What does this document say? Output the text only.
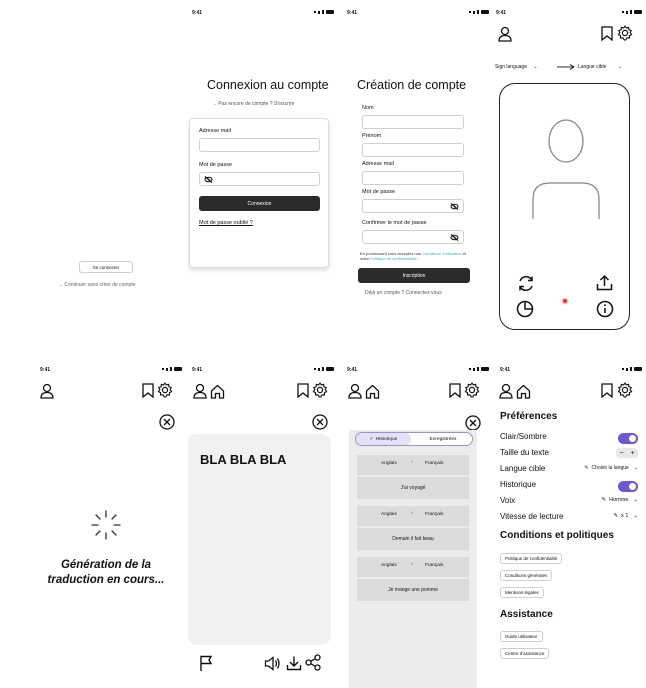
Se connecter
→ Continuer sans créer de compte
9:41
Connexion au compte
→ Pas encore de compte ? S'inscrire
Adresse mail
Mot de passe
Connexion
Mot de passe oublié ?
9:41
Création de compte
Nom
Prénom
Adresse mail
Mot de passe
Confirmer le mot de passe
En poursuivant vous acceptez nos Conditions d'utilisation et notre Politique de confidentialité.
Inscription
Déjà un compte ? Connectez-vous
9:41
Sign language ⌄	Langue cible ⌄
9:41
Génération de la traduction en cours...
9:41
BLA BLA BLA
9:41
✓ Historique	Enregistrées
Anglais	›	Français
J'ai voyagé
Anglais	›	Français
Demain il fait beau
Anglais	›	Français
Je mange une pomme
9:41
Préférences
Clair/Sombre
Taille du texte	− +
Langue cible	✎ Choisir la langue ⌄
Historique
Voix	✎ Homme ⌄
Vitesse de lecture	✎ x 1 ⌄
Conditions et politiques
Politique de confidentialité
Conditions générales
Mentions légales
Assistance
Guide utilisateur
Centre d'assistance
